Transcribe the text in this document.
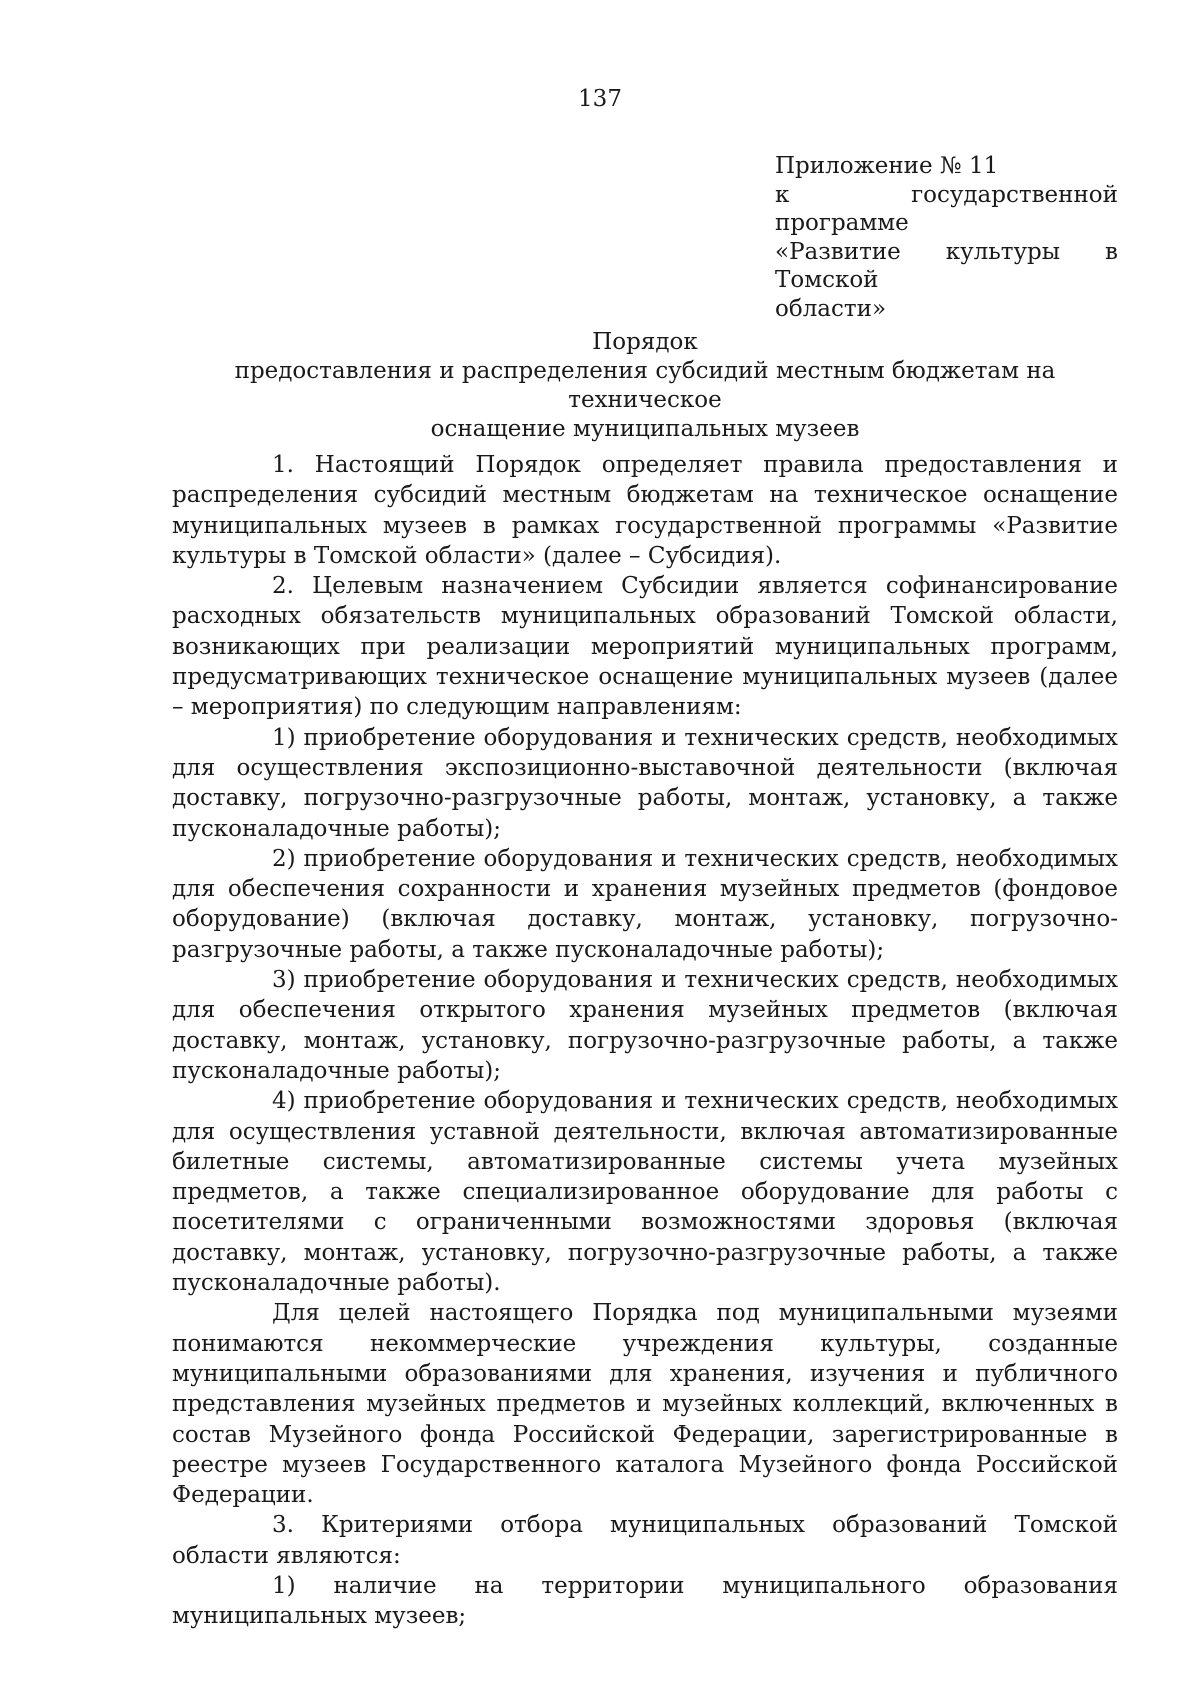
137
Приложение № 11
к государственной программе
«Развитие культуры в Томской
области»
Порядок
предоставления и распределения субсидий местным бюджетам на техническое
оснащение муниципальных музеев

1. Настоящий Порядок определяет правила предоставления и распределения субсидий местным бюджетам на техническое оснащение муниципальных музеев в рамках государственной программы «Развитие культуры в Томской области» (далее – Субсидия).

2. Целевым назначением Субсидии является софинансирование расходных обязательств муниципальных образований Томской области, возникающих при реализации мероприятий муниципальных программ, предусматривающих техническое оснащение муниципальных музеев (далее – мероприятия) по следующим направлениям:

1) приобретение оборудования и технических средств, необходимых для осуществления экспозиционно-выставочной деятельности (включая доставку, погрузочно-разгрузочные работы, монтаж, установку, а также пусконаладочные работы);

2) приобретение оборудования и технических средств, необходимых для обеспечения сохранности и хранения музейных предметов (фондовое оборудование) (включая доставку, монтаж, установку, погрузочно-разгрузочные работы, а также пусконаладочные работы);

3) приобретение оборудования и технических средств, необходимых для обеспечения открытого хранения музейных предметов (включая доставку, монтаж, установку, погрузочно-разгрузочные работы, а также пусконаладочные работы);

4) приобретение оборудования и технических средств, необходимых для осуществления уставной деятельности, включая автоматизированные билетные системы, автоматизированные системы учета музейных предметов, а также специализированное оборудование для работы с посетителями с ограниченными возможностями здоровья (включая доставку, монтаж, установку, погрузочно-разгрузочные работы, а также пусконаладочные работы).

Для целей настоящего Порядка под муниципальными музеями понимаются некоммерческие учреждения культуры, созданные муниципальными образованиями для хранения, изучения и публичного представления музейных предметов и музейных коллекций, включенных в состав Музейного фонда Российской Федерации, зарегистрированные в реестре музеев Государственного каталога Музейного фонда Российской Федерации.

3. Критериями отбора муниципальных образований Томской области являются:

1) наличие на территории муниципального образования муниципальных музеев;
